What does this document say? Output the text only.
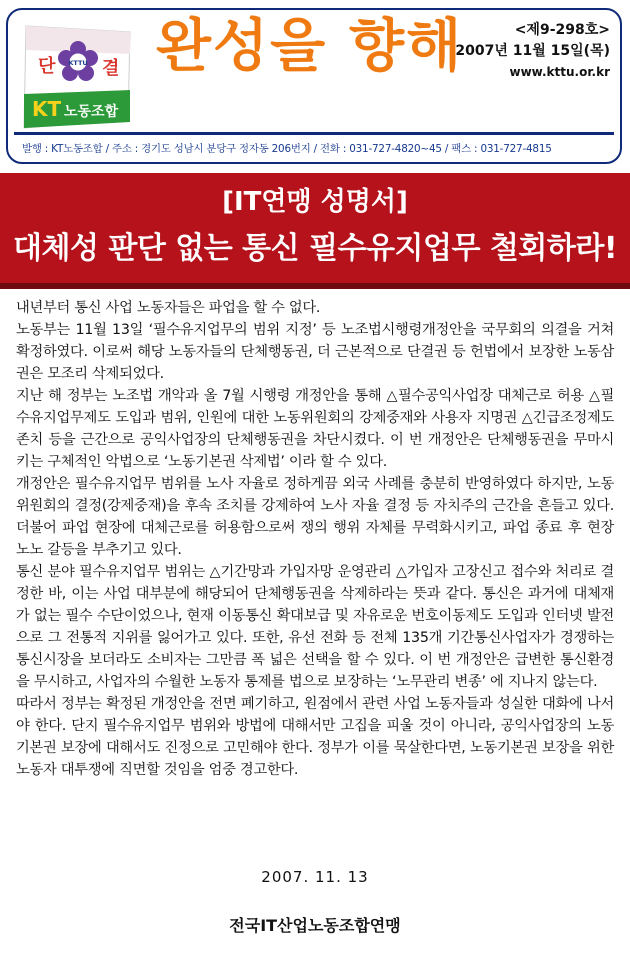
단	결
KTTU
KT 노동조합
완성을 향해	<제9-298호>
2007년 11월 15일(목)
www.kttu.or.kr
발행 : KT노동조합 / 주소 : 경기도 성남시 분당구 정자동 206번지 / 전화 : 031-727-4820~45 / 팩스 : 031-727-4815
[IT연맹 성명서]
대체성 판단 없는 통신 필수유지업무 철회하라!

내년부터 통신 사업 노동자들은 파업을 할 수 없다.

노동부는 11월 13일 ‘필수유지업무의 범위 지정’ 등 노조법시행령개정안을 국무회의 의결을 거쳐 확정하였다. 이로써 해당 노동자들의 단체행동권, 더 근본적으로 단결권 등 헌법에서 보장한 노동삼권은 모조리 삭제되었다.

지난 해 정부는 노조법 개악과 올 7월 시행령 개정안을 통해 △필수공익사업장 대체근로 허용 △필수유지업무제도 도입과 범위, 인원에 대한 노동위원회의 강제중재와 사용자 지명권 △긴급조정제도 존치 등을 근간으로 공익사업장의 단체행동권을 차단시켰다. 이 번 개정안은 단체행동권을 무마시키는 구체적인 악법으로 ‘노동기본권 삭제법’ 이라 할 수 있다.

개정안은 필수유지업무 범위를 노사 자율로 정하게끔 외국 사례를 충분히 반영하였다 하지만, 노동위원회의 결정(강제중재)을 후속 조치를 강제하여 노사 자율 결정 등 자치주의 근간을 흔들고 있다. 더불어 파업 현장에 대체근로를 허용함으로써 쟁의 행위 자체를 무력화시키고, 파업 종료 후 현장 노노 갈등을 부추기고 있다.

통신 분야 필수유지업무 범위는 △기간망과 가입자망 운영관리 △가입자 고장신고 접수와 처리로 결정한 바, 이는 사업 대부분에 해당되어 단체행동권을 삭제하라는 뜻과 같다. 통신은 과거에 대체재가 없는 필수 수단이었으나, 현재 이동통신 확대보급 및 자유로운 번호이동제도 도입과 인터넷 발전으로 그 전통적 지위를 잃어가고 있다. 또한, 유선 전화 등 전체 135개 기간통신사업자가 경쟁하는 통신시장을 보더라도 소비자는 그만큼 폭 넓은 선택을 할 수 있다. 이 번 개정안은 급변한 통신환경을 무시하고, 사업자의 수월한 노동자 통제를 법으로 보장하는 ‘노무관리 변종’ 에 지나지 않는다.

따라서 정부는 확정된 개정안을 전면 폐기하고, 원점에서 관련 사업 노동자들과 성실한 대화에 나서야 한다. 단지 필수유지업무 범위와 방법에 대해서만 고집을 피울 것이 아니라, 공익사업장의 노동기본권 보장에 대해서도 진정으로 고민해야 한다. 정부가 이를 묵살한다면, 노동기본권 보장을 위한 노동자 대투쟁에 직면할 것임을 엄중 경고한다.

2007. 11. 13
전국IT산업노동조합연맹
